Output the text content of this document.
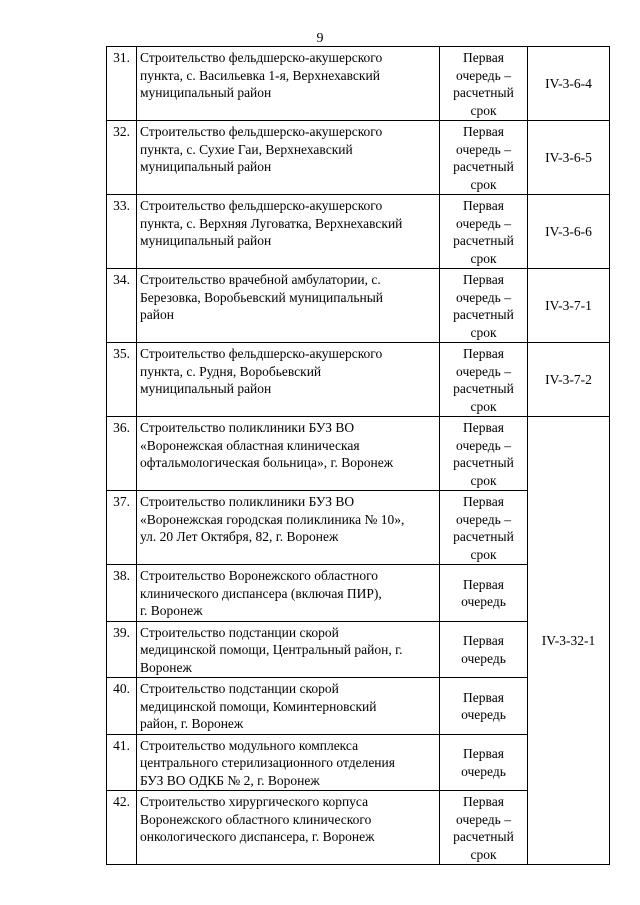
9
31.	Строительство фельдшерско-акушерского
пункта, с. Васильевка 1-я, Верхнехавский
муниципальный район	Первая
очередь –
расчетный
срок	IV-3-6-4
32.	Строительство фельдшерско-акушерского
пункта, с. Сухие Гаи, Верхнехавский
муниципальный район	Первая
очередь –
расчетный
срок	IV-3-6-5
33.	Строительство фельдшерско-акушерского
пункта, с. Верхняя Луговатка, Верхнехавский
муниципальный район	Первая
очередь –
расчетный
срок	IV-3-6-6
34.	Строительство врачебной амбулатории, с.
Березовка, Воробьевский муниципальный
район	Первая
очередь –
расчетный
срок	IV-3-7-1
35.	Строительство фельдшерско-акушерского
пункта, с. Рудня, Воробьевский
муниципальный район	Первая
очередь –
расчетный
срок	IV-3-7-2
36.	Строительство поликлиники БУЗ ВО
«Воронежская областная клиническая
офтальмологическая больница», г. Воронеж	Первая
очередь –
расчетный
срок	IV-3-32-1
37.	Строительство поликлиники БУЗ ВО
«Воронежская городская поликлиника № 10»,
ул. 20 Лет Октября, 82, г. Воронеж	Первая
очередь –
расчетный
срок	

38.	Строительство Воронежского областного
клинического диспансера (включая ПИР),
г. Воронеж	Первая
очередь	

39.	Строительство подстанции скорой
медицинской помощи, Центральный район, г.
Воронеж	Первая
очередь	

40.	Строительство подстанции скорой
медицинской помощи, Коминтерновский
район, г. Воронеж	Первая
очередь	

41.	Строительство модульного комплекса
центрального стерилизационного отделения
БУЗ ВО ОДКБ № 2, г. Воронеж	Первая
очередь	

42.	Строительство хирургического корпуса
Воронежского областного клинического
онкологического диспансера, г. Воронеж	Первая
очередь –
расчетный
срок	
